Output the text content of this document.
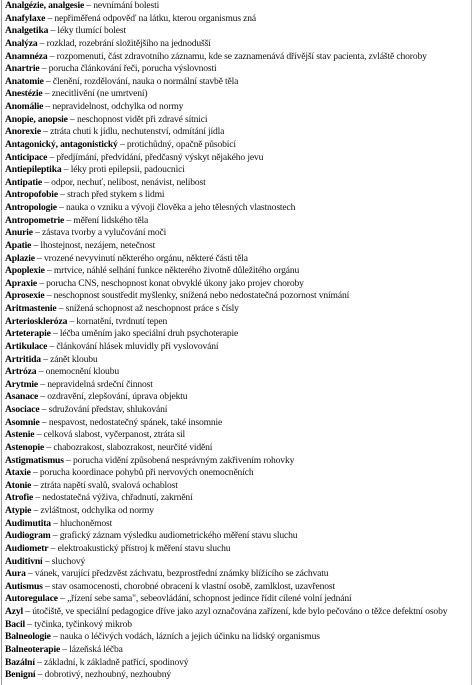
Analgézie, analgesie – nevnímání bolesti
Anafylaxe – nepřiměřená odpověď na látku, kterou organismus zná
Analgetika – léky tlumící bolest
Analýza – rozklad, rozebrání složitějšího na jednodušší
Anamnéza – rozpomenutí, část zdravotního záznamu, kde se zaznamenává dřívější stav pacienta, zvláště choroby
Anartrie – porucha článkování řeči, porucha výslovnosti
Anatomie – členění, rozdělování, nauka o normální stavbě těla
Anestézie – znecitlivění (ne umrtvení)
Anomálie – nepravidelnost, odchylka od normy
Anopie, anopsie – neschopnost vidět při zdravé sítnici
Anorexie – ztráta chuti k jídlu, nechutenství, odmítání jídla
Antagonický, antagonistický – protichůdný, opačně působící
Anticipace – předjímání, předvídání, předčasný výskyt nějakého jevu
Antiepileptika – léky proti epilepsii, padoucnici
Antipatie – odpor, nechuť, nelibost, nenávist, nelibost
Antropofobie – strach před stykem s lidmi
Antropologie – nauka o vzniku a vývoji člověka a jeho tělesných vlastnostech
Antropometrie – měření lidského těla
Anurie – zástava tvorby a vylučování moči
Apatie – lhostejnost, nezájem, netečnost
Aplazie – vrozené nevyvinutí některého orgánu, některé části těla
Apoplexie – mrtvice, náhlé selhání funkce některého životně důležitého orgánu
Apraxie – porucha CNS, neschopnost konat obvyklé úkony jako projev choroby
Aprosexie – neschopnost soustředit myšlenky, snížená nebo nedostatečná pozornost vnímání
Aritmastenie – snížená schopnost až neschopnost práce s čísly
Arterioskleróza – kornatění, tvrdnutí tepen
Arteterapie – léčba uměním jako speciální druh psychoterapie
Artikulace – článkování hlásek mluvidly při vyslovování
Artritida – zánět kloubu
Artróza – onemocnění kloubu
Arytmie – nepravidelná srdeční činnost
Asanace – ozdravění, zlepšování, úprava objektu
Asociace – sdružování představ, shlukování
Asomnie – nespavost, nedostatečný spánek, také insomnie
Astenie – celková slabost, vyčerpanost, ztráta sil
Astenopie – chabozrakost, slabozrakost, neurčité vidění
Astigmatismus – porucha vidění způsobená nesprávným zakřivením rohovky
Ataxie – porucha koordinace pohybů při nervových onemocněních
Atonie – ztráta napětí svalů, svalová ochablost
Atrofie – nedostatečná výživa, chřadnutí, zakrnění
Atypie – zvláštnost, odchylka od normy
Audimutita – hluchoněmost
Audiogram – grafický záznam výsledku audiometrického měření stavu sluchu
Audiometr – elektroakustický přístroj k měření stavu sluchu
Auditivní – sluchový
Aura – vánek, varující předzvěst záchvatu, bezprostřední známky blížícího se záchvatu
Autismus – stav osamocenosti, chorobné obracení k vlastní osobě, zamlklost, uzavřenost
Autoregulace – „řízení sebe sama", sebeovládání, schopnost jedince řídit cílené volní jednání
Azyl – útočiště, ve speciální pedagogice dříve jako azyl označována zařízení, kde bylo pečováno o těžce defektní osoby
Bacil – tyčinka, tyčinkový mikrob
Balneologie – nauka o léčivých vodách, lázních a jejich účinku na lidský organismus
Balneoterapie – lázeňská léčba
Bazální – základní, k základně patřící, spodinový
Benigní – dobrotivý, nezhoubný, nezhoubný
